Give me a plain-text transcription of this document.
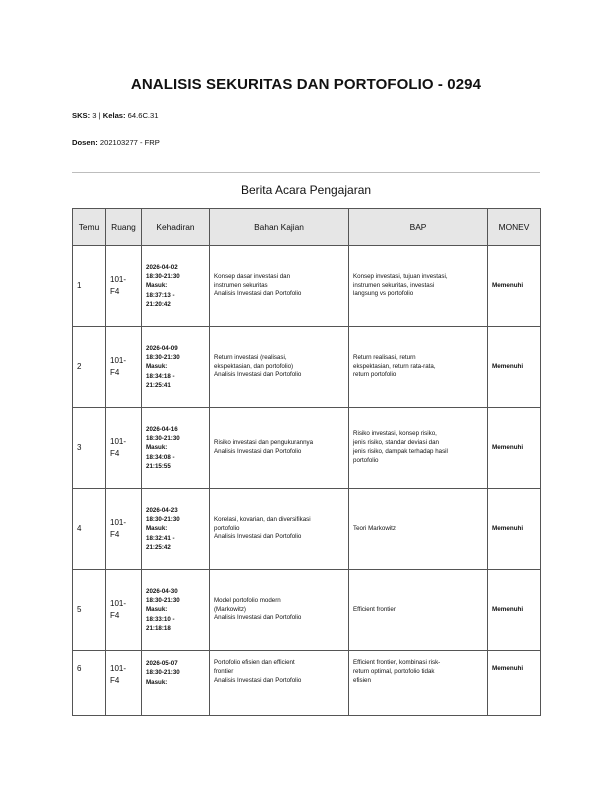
ANALISIS SEKURITAS DAN PORTOFOLIO - 0294
SKS: 3 | Kelas: 64.6C.31
Dosen: 202103277 - FRP
Berita Acara Pengajaran
Temu	Ruang	Kehadiran	Bahan Kajian	BAP	MONEV
1	101-
F4	2026-04-02
18:30-21:30
Masuk:
18:37:13 -
21:20:42	Konsep dasar investasi dan
instrumen sekuritas
Analisis Investasi dan Portofolio	Konsep investasi, tujuan investasi,
instrumen sekuritas, investasi
langsung vs portofolio	Memenuhi
2	101-
F4	2026-04-09
18:30-21:30
Masuk:
18:34:18 -
21:25:41	Return investasi (realisasi,
ekspektasian, dan portofolio)
Analisis Investasi dan Portofolio	Return realisasi, return
ekspektasian, return rata-rata,
return portofolio	Memenuhi
3	101-
F4	2026-04-16
18:30-21:30
Masuk:
18:34:08 -
21:15:55	Risiko investasi dan pengukurannya
Analisis Investasi dan Portofolio	Risiko investasi, konsep risiko,
jenis risiko, standar deviasi dan
jenis risiko, dampak terhadap hasil
portofolio	Memenuhi
4	101-
F4	2026-04-23
18:30-21:30
Masuk:
18:32:41 -
21:25:42	Korelasi, kovarian, dan diversifikasi
portofolio
Analisis Investasi dan Portofolio	Teori Markowitz	Memenuhi
5	101-
F4	2026-04-30
18:30-21:30
Masuk:
18:33:10 -
21:18:18	Model portofolio modern
(Markowitz)
Analisis Investasi dan Portofolio	Efficient frontier	Memenuhi
6	101-
F4	2026-05-07
18:30-21:30
Masuk:	Portofolio efisien dan efficient
frontier
Analisis Investasi dan Portofolio	Efficient frontier, kombinasi risk-
return optimal, portofolio tidak
efisien	Memenuhi
